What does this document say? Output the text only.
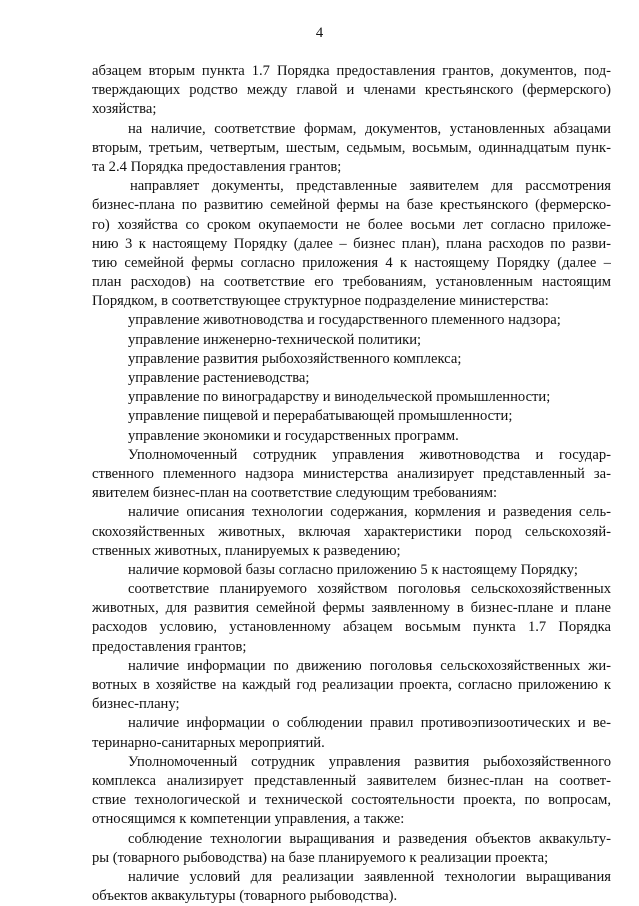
4
абзацем вторым пункта 1.7 Порядка предоставления грантов, документов, под-
тверждающих родство между главой и членами крестьянского (фермерского)
хозяйства;
на наличие, соответствие формам, документов, установленных абзацами
вторым, третьим, четвертым, шестым, седьмым, восьмым, одиннадцатым пунк-
та 2.4 Порядка предоставления грантов;
направляет документы, представленные заявителем для рассмотрения
бизнес-плана по развитию семейной фермы на базе крестьянского (фермерско-
го) хозяйства со сроком окупаемости не более восьми лет согласно приложе-
нию 3 к настоящему Порядку (далее – бизнес план), плана расходов по разви-
тию семейной фермы согласно приложения 4 к настоящему Порядку (далее –
план расходов) на соответствие его требованиям, установленным настоящим
Порядком, в соответствующее структурное подразделение министерства:
управление животноводства и государственного племенного надзора;
управление инженерно-технической политики;
управление развития рыбохозяйственного комплекса;
управление растениеводства;
управление по виноградарству и винодельческой промышленности;
управление пищевой и перерабатывающей промышленности;
управление экономики и государственных программ.
Уполномоченный сотрудник управления животноводства и государ-
ственного племенного надзора министерства анализирует представленный за-
явителем бизнес-план на соответствие следующим требованиям:
наличие описания технологии содержания, кормления и разведения сель-
скохозяйственных животных, включая характеристики пород сельскохозяй-
ственных животных, планируемых к разведению;
наличие кормовой базы согласно приложению 5 к настоящему Порядку;
соответствие планируемого хозяйством поголовья сельскохозяйственных
животных, для развития семейной фермы заявленному в бизнес-плане и плане
расходов условию, установленному абзацем восьмым пункта 1.7 Порядка
предоставления грантов;
наличие информации по движению поголовья сельскохозяйственных жи-
вотных в хозяйстве на каждый год реализации проекта, согласно приложению к
бизнес-плану;
наличие информации о соблюдении правил противоэпизоотических и ве-
теринарно-санитарных мероприятий.
Уполномоченный сотрудник управления развития рыбохозяйственного
комплекса анализирует представленный заявителем бизнес-план на соответ-
ствие технологической и технической состоятельности проекта, по вопросам,
относящимся к компетенции управления, а также:
соблюдение технологии выращивания и разведения объектов аквакульту-
ры (товарного рыбоводства) на базе планируемого к реализации проекта;
наличие условий для реализации заявленной технологии выращивания
объектов аквакультуры (товарного рыбоводства).
